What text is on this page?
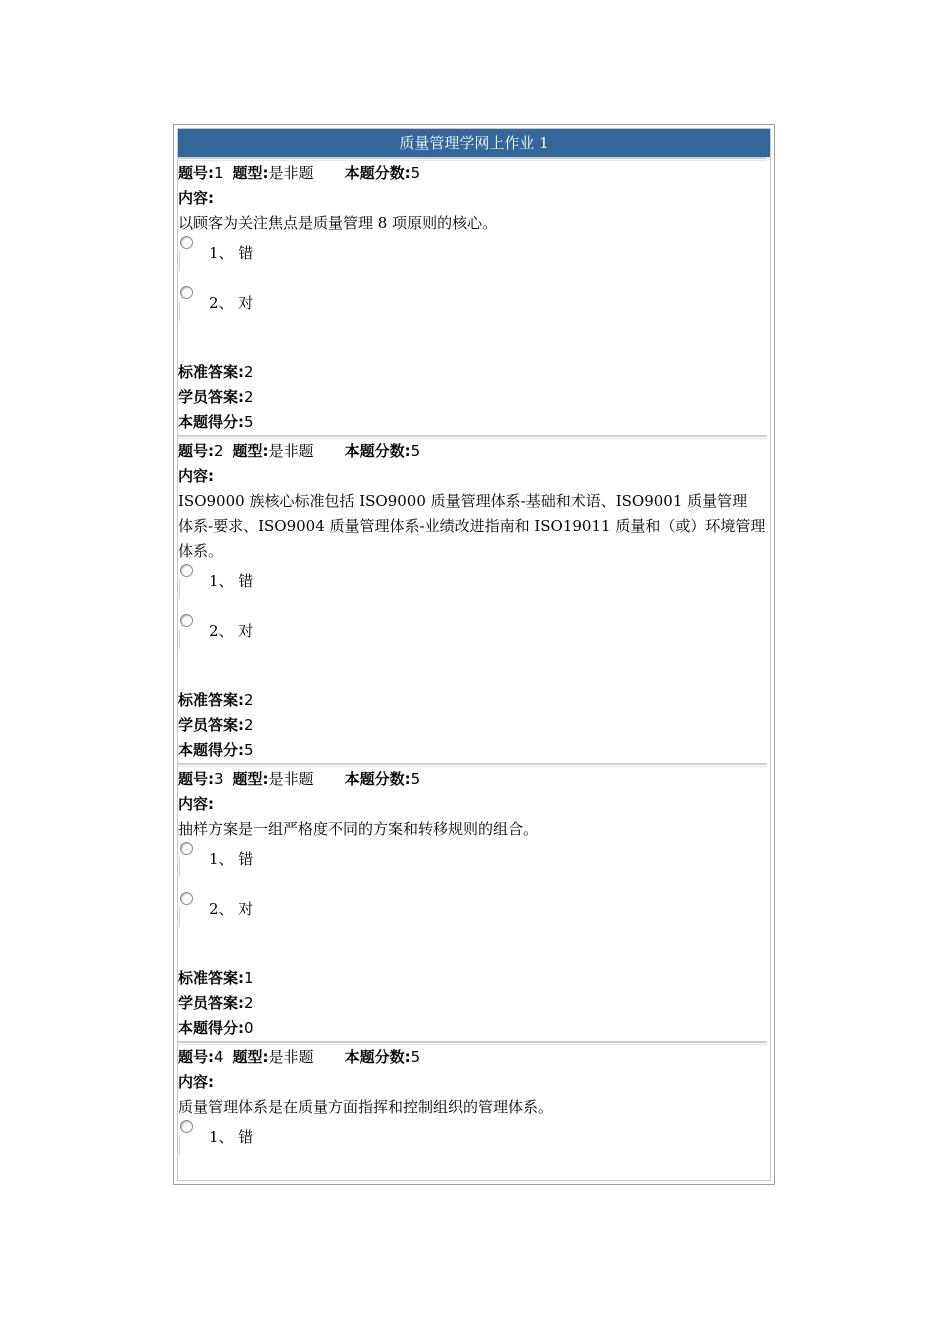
质量管理学网上作业 1
题号:1 题型:是非题 本题分数:5
内容:
以顾客为关注焦点是质量管理 8 项原则的核心。
1、 错
2、 对
标准答案:2
学员答案:2
本题得分:5
题号:2 题型:是非题 本题分数:5
内容:
ISO9000 族核心标准包括 ISO9000 质量管理体系-基础和术语、ISO9001 质量管理
体系-要求、ISO9004 质量管理体系-业绩改进指南和 ISO19011 质量和（或）环境管理
体系。
1、 错
2、 对
标准答案:2
学员答案:2
本题得分:5
题号:3 题型:是非题 本题分数:5
内容:
抽样方案是一组严格度不同的方案和转移规则的组合。
1、 错
2、 对
标准答案:1
学员答案:2
本题得分:0
题号:4 题型:是非题 本题分数:5
内容:
质量管理体系是在质量方面指挥和控制组织的管理体系。
1、 错
